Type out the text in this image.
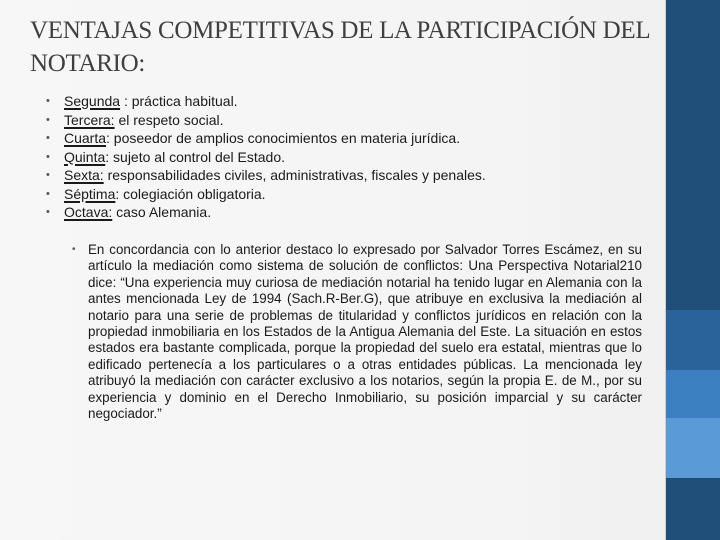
VENTAJAS COMPETITIVAS DE LA PARTICIPACIÓN DEL NOTARIO:
• Segunda : práctica habitual.
• Tercera: el respeto social.
• Cuarta: poseedor de amplios conocimientos en materia jurídica.
• Quinta: sujeto al control del Estado.
• Sexta: responsabilidades civiles, administrativas, fiscales y penales.
• Séptima: colegiación obligatoria.
• Octava: caso Alemania.
• En concordancia con lo anterior destaco lo expresado por Salvador Torres Escámez, en su artículo la mediación como sistema de solución de conflictos: Una Perspectiva Notarial210 dice: “Una experiencia muy curiosa de mediación notarial ha tenido lugar en Alemania con la antes mencionada Ley de 1994 (Sach.R-Ber.G), que atribuye en exclusiva la mediación al notario para una serie de problemas de titularidad y conflictos jurídicos en relación con la propiedad inmobiliaria en los Estados de la Antigua Alemania del Este. La situación en estos estados era bastante complicada, porque la propiedad del suelo era estatal, mientras que lo edificado pertenecía a los particulares o a otras entidades públicas. La mencionada ley atribuyó la mediación con carácter exclusivo a los notarios, según la propia E. de M., por su experiencia y dominio en el Derecho Inmobiliario, su posición imparcial y su carácter negociador.”
